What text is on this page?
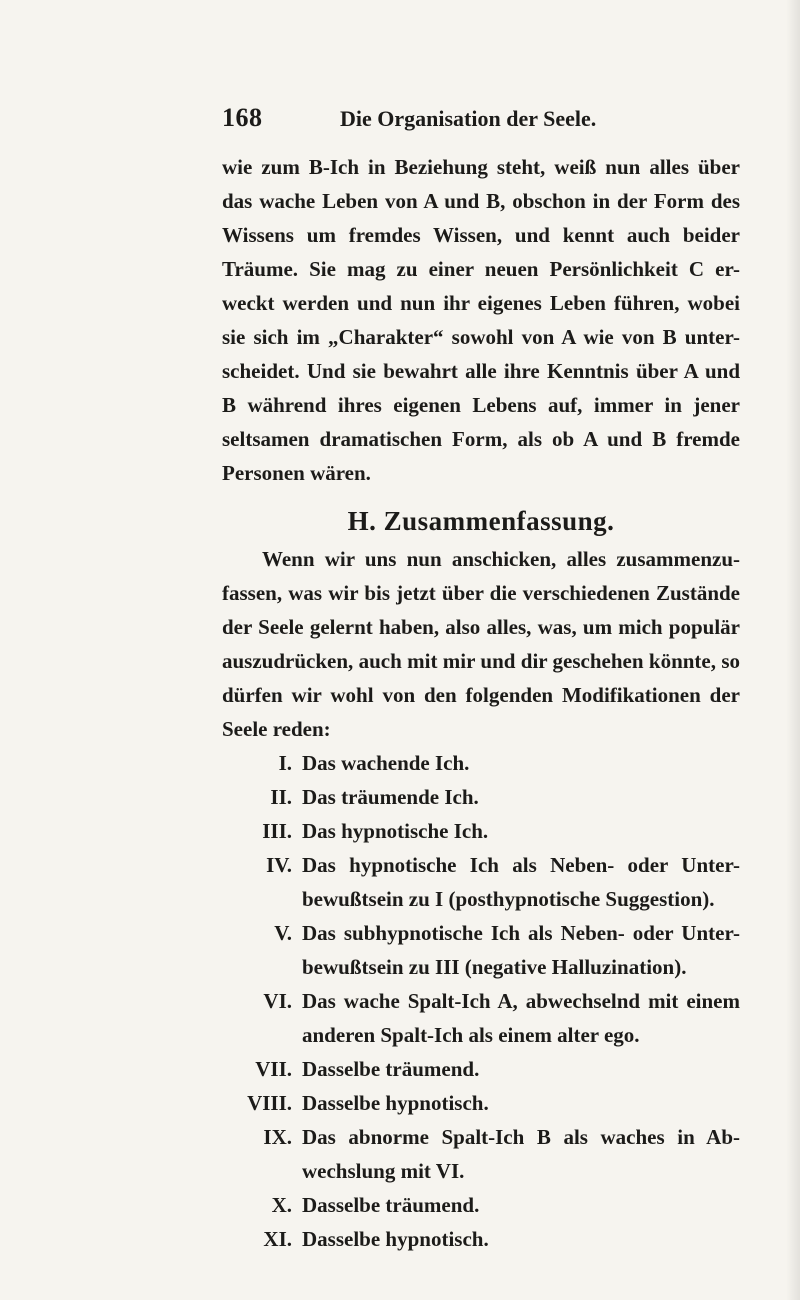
168	Die Organisation der Seele.

wie zum B-Ich in Beziehung steht, weiß nun alles über
das wache Leben von A und B, obschon in der Form des
Wissens um fremdes Wissen, und kennt auch beider
Träume. Sie mag zu einer neuen Persönlichkeit C er-
weckt werden und nun ihr eigenes Leben führen, wobei
sie sich im „Charakter“ sowohl von A wie von B unter-
scheidet. Und sie bewahrt alle ihre Kenntnis über A und
B während ihres eigenen Lebens auf, immer in jener
seltsamen dramatischen Form, als ob A und B fremde
Personen wären.

H. Zusammenfassung.

Wenn wir uns nun anschicken, alles zusammenzu-
fassen, was wir bis jetzt über die verschiedenen Zustände
der Seele gelernt haben, also alles, was, um mich populär
auszudrücken, auch mit mir und dir geschehen könnte, so
dürfen wir wohl von den folgenden Modifikationen der
Seele reden:

I. Das wachende Ich.
II. Das träumende Ich.
III. Das hypnotische Ich.
IV. Das hypnotische Ich als Neben- oder Unter-
bewußtsein zu I (posthypnotische Suggestion).
V. Das subhypnotische Ich als Neben- oder Unter-
bewußtsein zu III (negative Halluzination).
VI. Das wache Spalt-Ich A, abwechselnd mit einem
anderen Spalt-Ich als einem alter ego.
VII. Dasselbe träumend.
VIII. Dasselbe hypnotisch.
IX. Das abnorme Spalt-Ich B als waches in Ab-
wechslung mit VI.
X. Dasselbe träumend.
XI. Dasselbe hypnotisch.
